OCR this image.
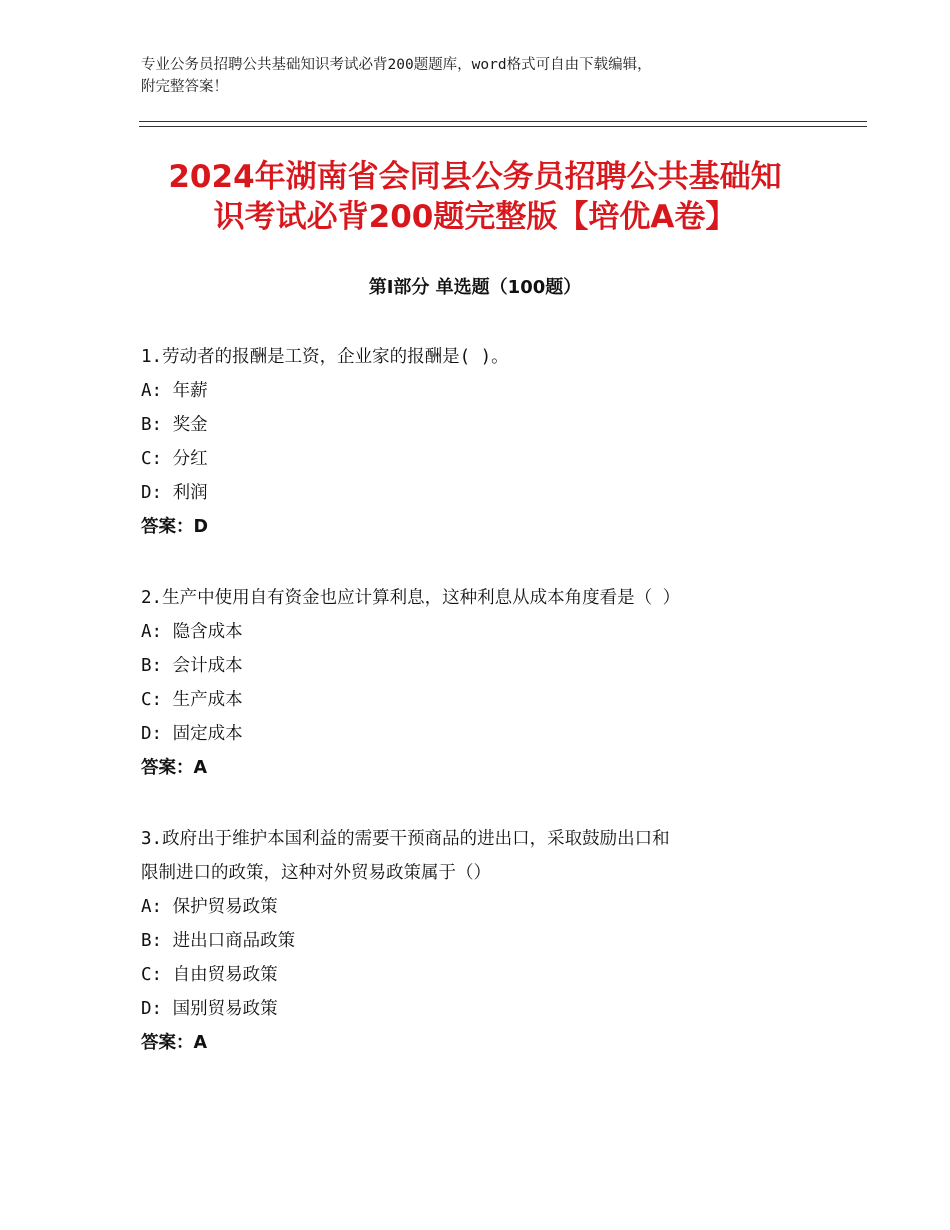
专业公务员招聘公共基础知识考试必背200题题库，word格式可自由下载编辑，
附完整答案！
2024年湖南省会同县公务员招聘公共基础知
识考试必背200题完整版【培优A卷】
第Ⅰ部分 单选题（100题）

1.劳动者的报酬是工资，企业家的报酬是( )。

A: 年薪

B: 奖金

C: 分红

D: 利润

答案：D

2.生产中使用自有资金也应计算利息，这种利息从成本角度看是（ ）

A: 隐含成本

B: 会计成本

C: 生产成本

D: 固定成本

答案：A

3.政府出于维护本国利益的需要干预商品的进出口，采取鼓励出口和

限制进口的政策，这种对外贸易政策属于（）

A: 保护贸易政策

B: 进出口商品政策

C: 自由贸易政策

D: 国别贸易政策

答案：A
